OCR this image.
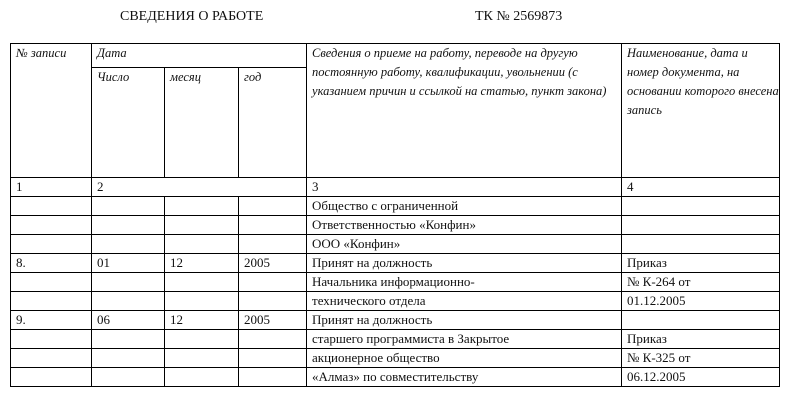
СВЕДЕНИЯ О РАБОТЕ	ТК № 2569873
№ записи	Дата			Сведения о приеме на работу, переводе на другую постоянную работу, квалификации, увольнении (с указанием причин и ссылкой на статью, пункт закона)	Наименование, дата и номер документа, на основании которого внесена запись
	Число	месяц	год		
1	2			3	4
				Общество с ограниченной	
				Ответственностью «Конфин»	
				ООО «Конфин»	
8.	01	12	2005	Принят на должность	Приказ
				Начальника информационно-	№ К-264 от
				технического отдела	01.12.2005
9.	06	12	2005	Принят на должность	
				старшего программиста в Закрытое	Приказ
				акционерное общество	№ К-325 от
				«Алмаз» по совместительству	06.12.2005
